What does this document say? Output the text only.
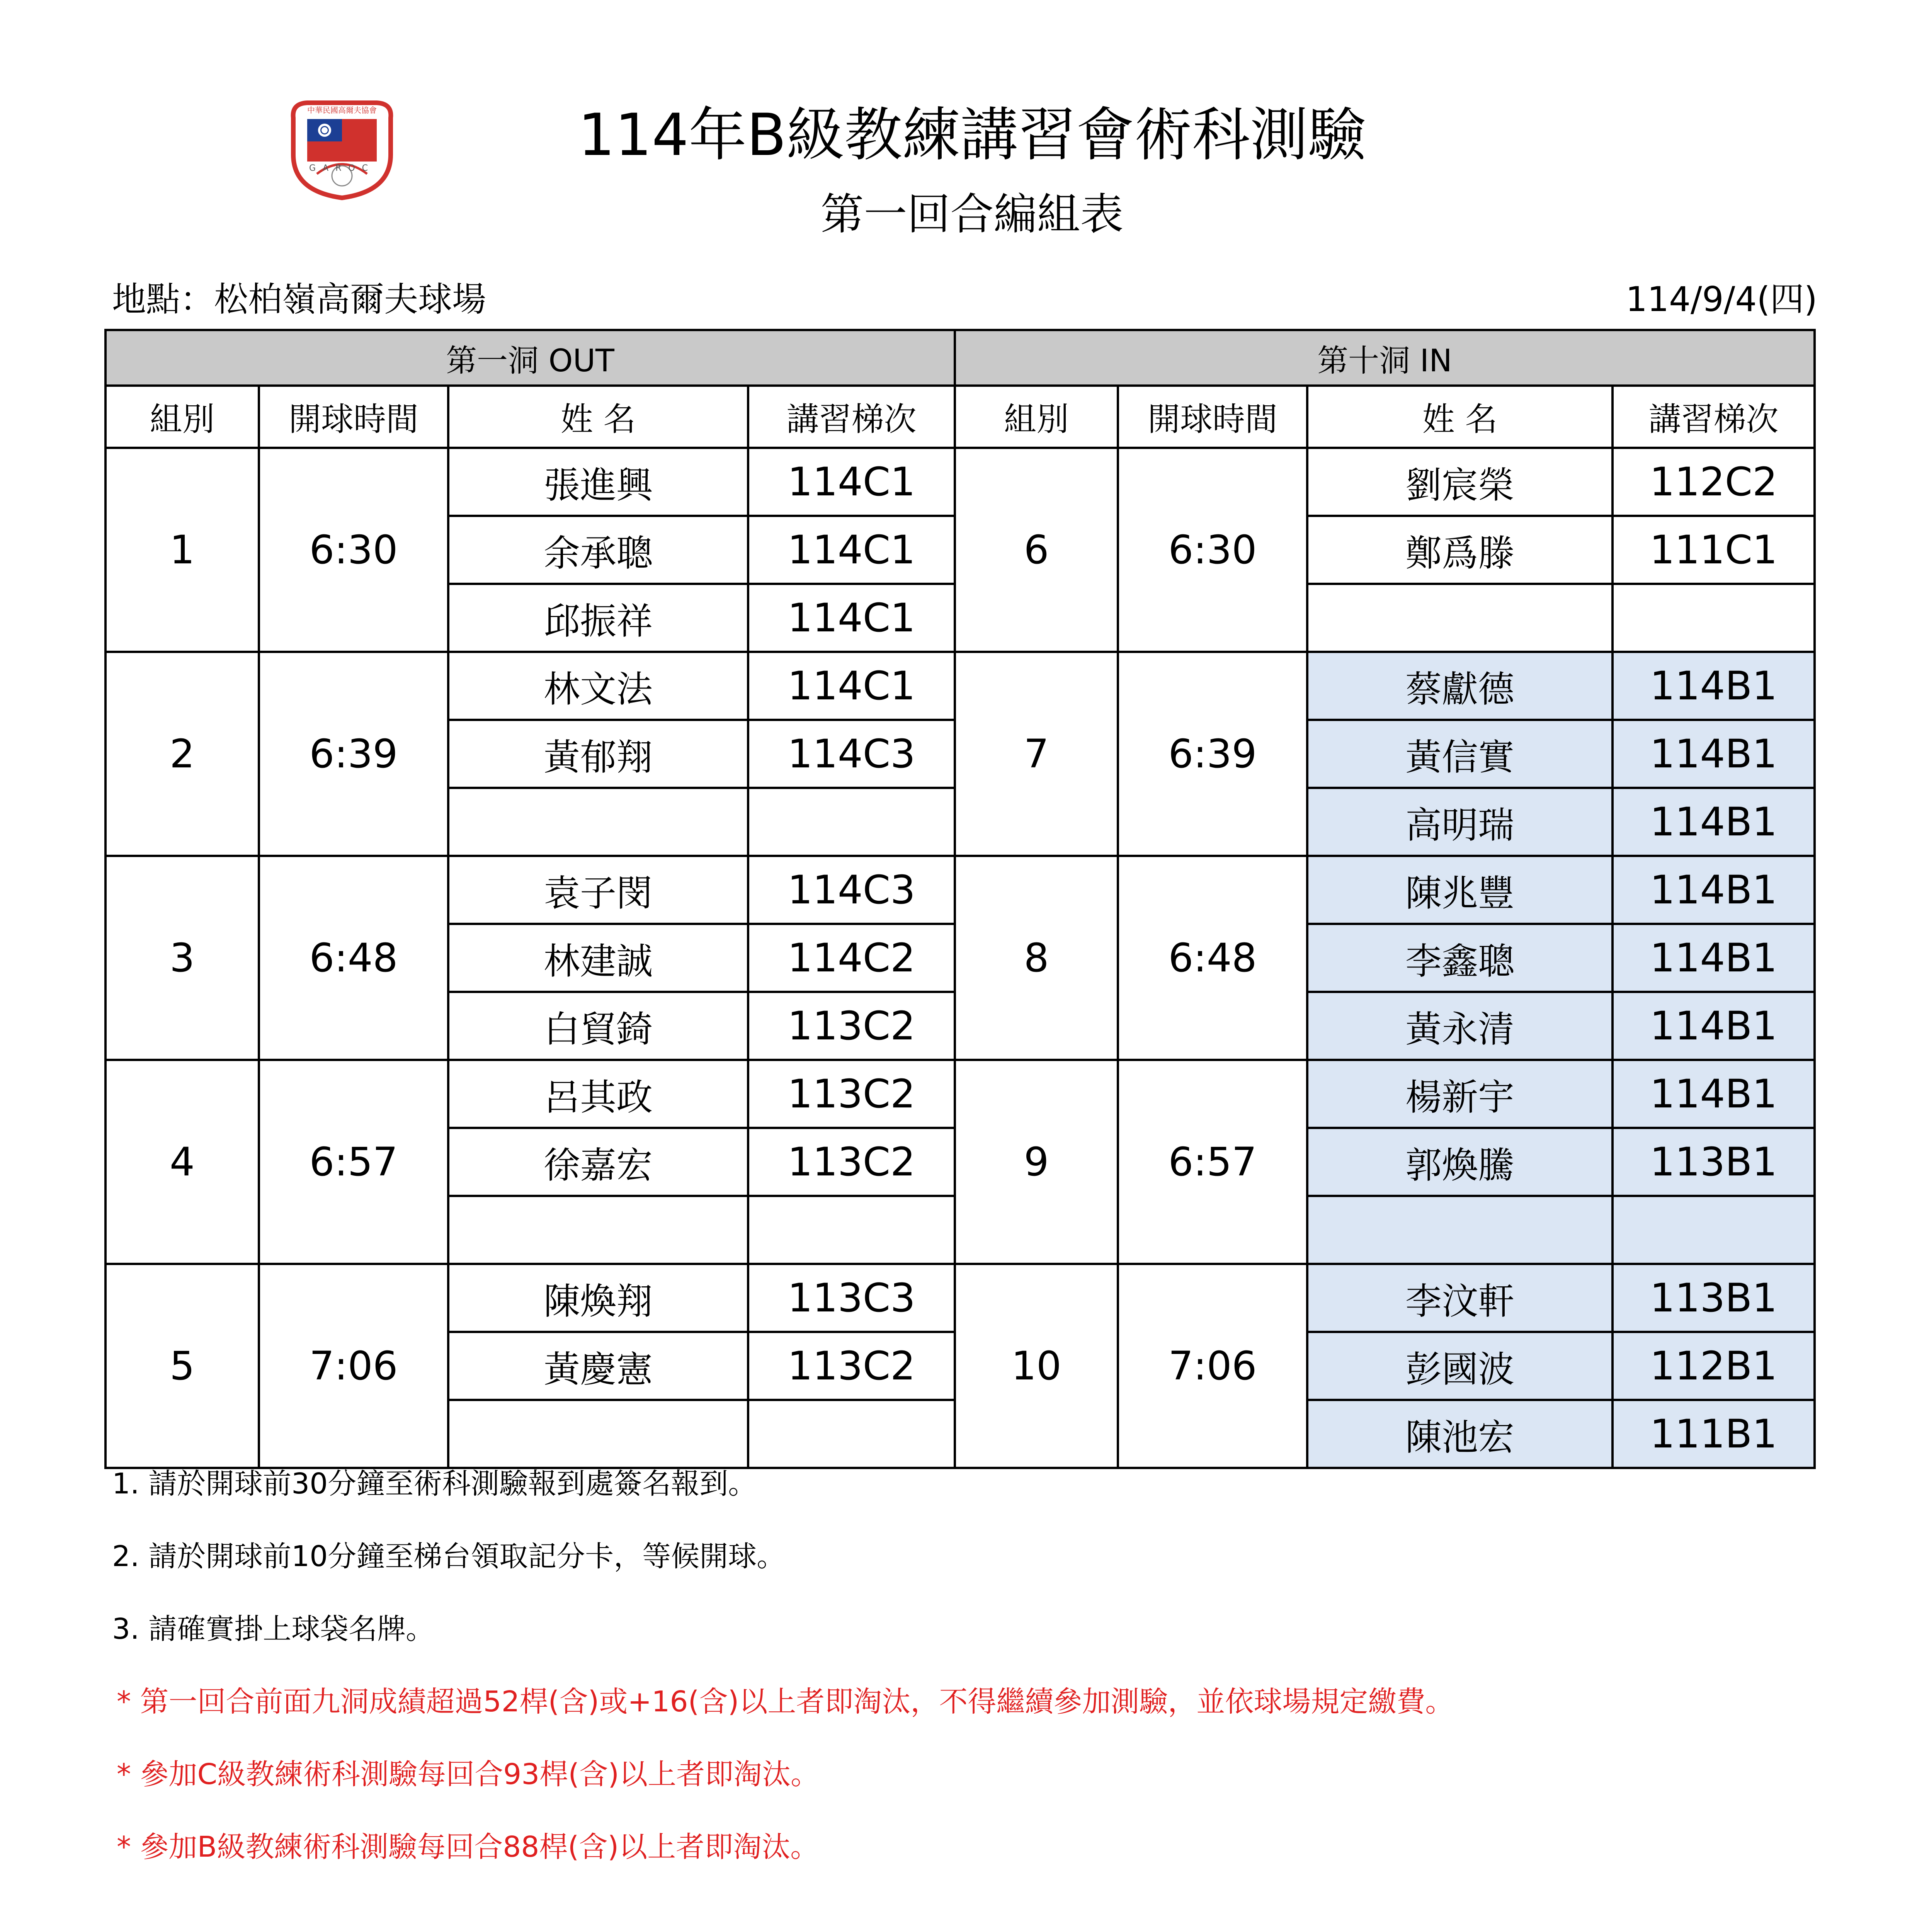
中華民國高爾夫協會
GAROC	114年B級教練講習會術科測驗
第一回合編組表
地點：松柏嶺高爾夫球場	114/9/4(四)
第一洞 OUT				第十洞 IN			
組別	開球時間	姓 名	講習梯次	組別	開球時間	姓 名	講習梯次
1	6:30	張進興	114C1	6	6:30	劉宸榮	112C2
		余承聰	114C1			鄭爲滕	111C1
		邱振祥	114C1				
2	6:39	林文法	114C1	7	6:39	蔡獻德	114B1
		黃郁翔	114C3			黃信實	114B1
						高明瑞	114B1
3	6:48	袁子閔	114C3	8	6:48	陳兆豐	114B1
		林建誠	114C2			李鑫聰	114B1
		白貿錡	113C2			黃永清	114B1
4	6:57	呂其政	113C2	9	6:57	楊新宇	114B1
		徐嘉宏	113C2			郭煥騰	113B1

5	7:06	陳煥翔	113C3	10	7:06	李汶軒	113B1
		黃慶憲	113C2			彭國波	112B1
						陳池宏	111B1
1. 請於開球前30分鐘至術科測驗報到處簽名報到。
2. 請於開球前10分鐘至梯台領取記分卡，等候開球。
3. 請確實掛上球袋名牌。
* 第一回合前面九洞成績超過52桿(含)或+16(含)以上者即淘汰，不得繼續參加測驗，並依球場規定繳費。
* 參加C級教練術科測驗每回合93桿(含)以上者即淘汰。
* 參加B級教練術科測驗每回合88桿(含)以上者即淘汰。
